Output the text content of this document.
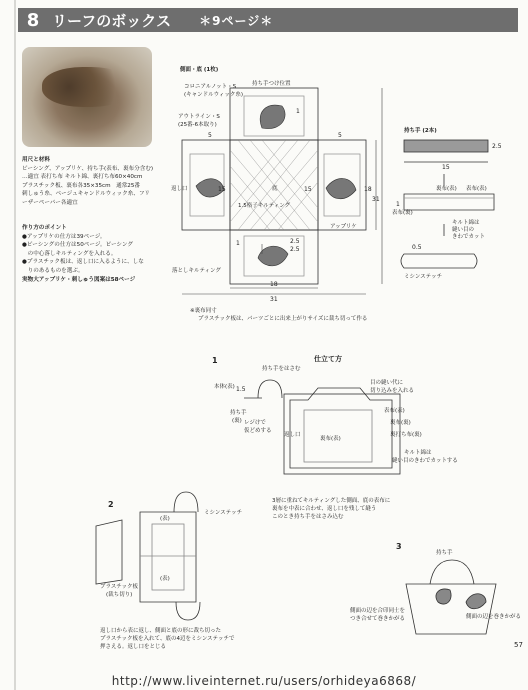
8 リーフのボックス ＊9ページ＊
用尺と材料
ビーシング、アップリケ、持ち手(表布、裏布分含む)
…適宜 表打ち布 キルト綿、裏打ち布60×40cm
プラスチック板、裏布各35×35cm　通常25番
刺しゅう糸、ベージュキャンドルウィック糸、フリ
ーザーペーパー各適宜
作り方のポイント
●アップリケの仕方は39ページ。
●ピーシングの仕方は50ページ。ピーシング
　の中心落しキルティングを入れる。
●プラスチック板は、返し口に入るように、しな
　りのあるものを選ぶ。
実物大アップリケ・刺しゅう図案は58ページ
側面・底 (1枚)
コロニアルノット・S
(キャンドルウィック糸)
持ち手つけ位置
アウトライン・S
(25番-6本取り)
底
1.5格子キルティング
返し口
アップリケ
落としキルティング
5	5
18
31
15	15
2.5
2.5
18
31
1
1
※裏布同寸
プラスチック板は、パーツごとに出来上がりサイズに裁ち切って作る
持ち手 (2本)
2.5
15
1
0.5
裏布(表) 表布(表)
表布(裏)
キルト綿は
縫い目の
きわでカット
ミシンステッチ
仕立て方
1
持ち手をはさむ
本体(表) 1.5
持ち手
(裏) レジけで
仮どめする
返し口
裏布(表)
目の縫い代に
切り込みを入れる
表布(表)
裏布(裏)
裏打ち布(裏)
キルト綿は
縫い目のきわでカットする
3層に重ねてキルティングした側面、底の表布に
裏布を中表に合わせ、返し口を残して縫う
このとき持ち手をはさみ込む
2
(表)
ミシンステッチ
(表)
プラスチック板
(裁ち切り)
返し口から表に返し、側面と底の形に裁ち切った
プラスチック板を入れて、底の4辺をミシンステッチで
押さえる。返し口をとじる
3
持ち手
側面の辺を巻きかがる
側面の辺を合印同士を
つき合せて巻きかがる
57
http://www.liveinternet.ru/users/orhideya6868/
